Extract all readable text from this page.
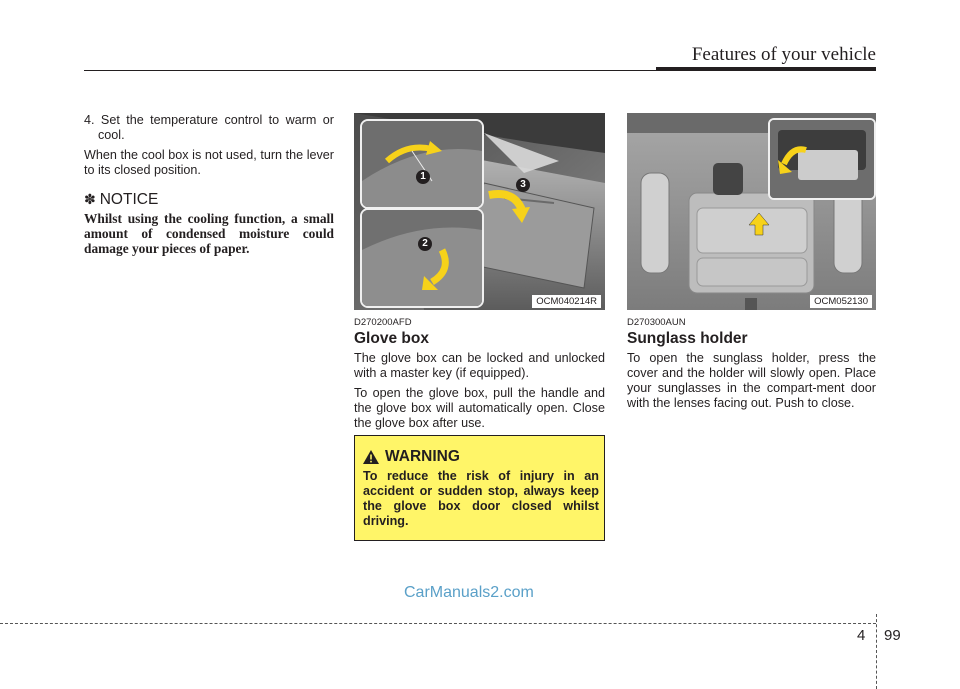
Features of your vehicle

4. Set the temperature control to warm or cool.

When the cool box is not used, turn the lever to its closed position.

✽ NOTICE

Whilst using the cooling function, a small amount of condensed moisture could damage your pieces of paper.

1
2
3
OCM040214R	OCM052130
D270200AFD
Glove box

The glove box can be locked and unlocked with a master key (if equipped).

To open the glove box, pull the handle and the glove box will automatically open. Close the glove box after use.

WARNING

To reduce the risk of injury in an accident or sudden stop, always keep the glove box door closed whilst driving.

D270300AUN
Sunglass holder

To open the sunglass holder, press the cover and the holder will slowly open. Place your sunglasses in the compart-ment door with the lenses facing out. Push to close.

CarManuals2.com
4 99
